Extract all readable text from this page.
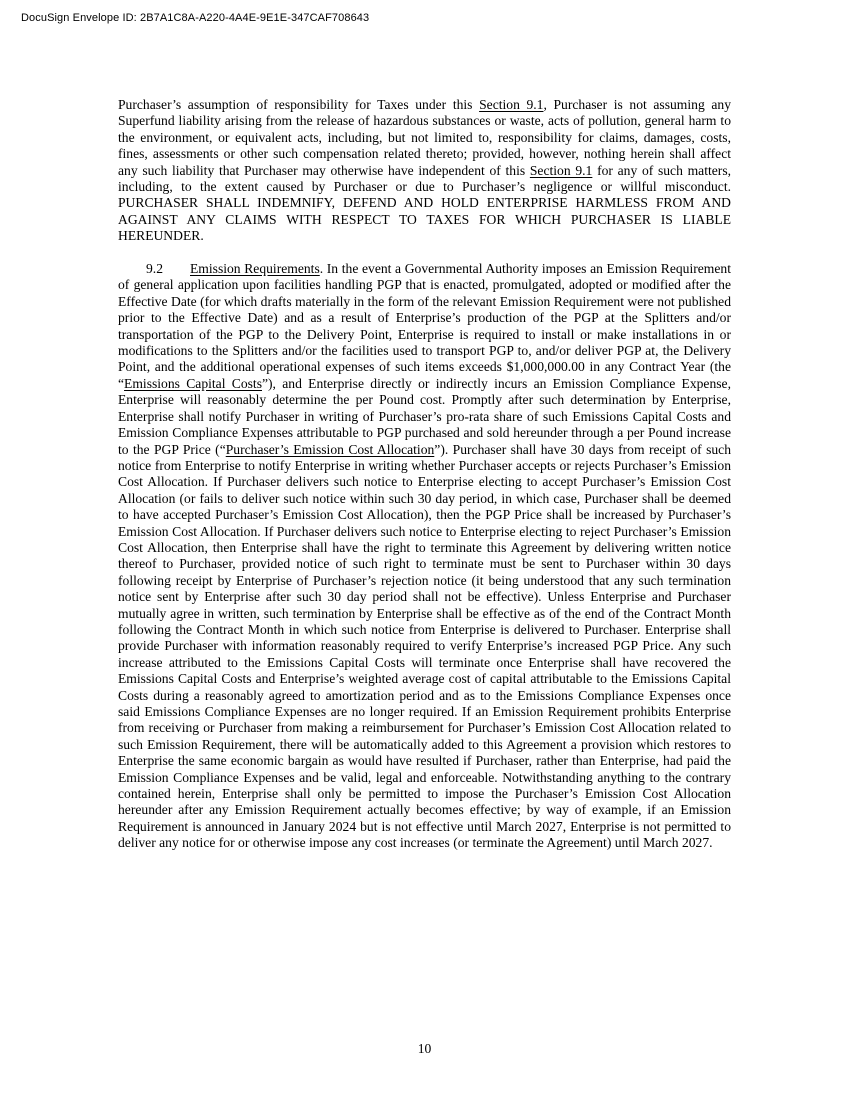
DocuSign Envelope ID: 2B7A1C8A-A220-4A4E-9E1E-347CAF708643

Purchaser’s assumption of responsibility for Taxes under this Section 9.1, Purchaser is not assuming any Superfund liability arising from the release of hazardous substances or waste, acts of pollution, general harm to the environment, or equivalent acts, including, but not limited to, responsibility for claims, damages, costs, fines, assessments or other such compensation related thereto; provided, however, nothing herein shall affect any such liability that Purchaser may otherwise have independent of this Section 9.1 for any of such matters, including, to the extent caused by Purchaser or due to Purchaser’s negligence or willful misconduct. PURCHASER SHALL INDEMNIFY, DEFEND AND HOLD ENTERPRISE HARMLESS FROM AND AGAINST ANY CLAIMS WITH RESPECT TO TAXES FOR WHICH PURCHASER IS LIABLE HEREUNDER.

9.2 Emission Requirements. In the event a Governmental Authority imposes an Emission Requirement of general application upon facilities handling PGP that is enacted, promulgated, adopted or modified after the Effective Date (for which drafts materially in the form of the relevant Emission Requirement were not published prior to the Effective Date) and as a result of Enterprise’s production of the PGP at the Splitters and/or transportation of the PGP to the Delivery Point, Enterprise is required to install or make installations in or modifications to the Splitters and/or the facilities used to transport PGP to, and/or deliver PGP at, the Delivery Point, and the additional operational expenses of such items exceeds $1,000,000.00 in any Contract Year (the “Emissions Capital Costs”), and Enterprise directly or indirectly incurs an Emission Compliance Expense, Enterprise will reasonably determine the per Pound cost. Promptly after such determination by Enterprise, Enterprise shall notify Purchaser in writing of Purchaser’s pro-rata share of such Emissions Capital Costs and Emission Compliance Expenses attributable to PGP purchased and sold hereunder through a per Pound increase to the PGP Price (“Purchaser’s Emission Cost Allocation”). Purchaser shall have 30 days from receipt of such notice from Enterprise to notify Enterprise in writing whether Purchaser accepts or rejects Purchaser’s Emission Cost Allocation. If Purchaser delivers such notice to Enterprise electing to accept Purchaser’s Emission Cost Allocation (or fails to deliver such notice within such 30 day period, in which case, Purchaser shall be deemed to have accepted Purchaser’s Emission Cost Allocation), then the PGP Price shall be increased by Purchaser’s Emission Cost Allocation. If Purchaser delivers such notice to Enterprise electing to reject Purchaser’s Emission Cost Allocation, then Enterprise shall have the right to terminate this Agreement by delivering written notice thereof to Purchaser, provided notice of such right to terminate must be sent to Purchaser within 30 days following receipt by Enterprise of Purchaser’s rejection notice (it being understood that any such termination notice sent by Enterprise after such 30 day period shall not be effective). Unless Enterprise and Purchaser mutually agree in written, such termination by Enterprise shall be effective as of the end of the Contract Month following the Contract Month in which such notice from Enterprise is delivered to Purchaser. Enterprise shall provide Purchaser with information reasonably required to verify Enterprise’s increased PGP Price. Any such increase attributed to the Emissions Capital Costs will terminate once Enterprise shall have recovered the Emissions Capital Costs and Enterprise’s weighted average cost of capital attributable to the Emissions Capital Costs during a reasonably agreed to amortization period and as to the Emissions Compliance Expenses once said Emissions Compliance Expenses are no longer required. If an Emission Requirement prohibits Enterprise from receiving or Purchaser from making a reimbursement for Purchaser’s Emission Cost Allocation related to such Emission Requirement, there will be automatically added to this Agreement a provision which restores to Enterprise the same economic bargain as would have resulted if Purchaser, rather than Enterprise, had paid the Emission Compliance Expenses and be valid, legal and enforceable. Notwithstanding anything to the contrary contained herein, Enterprise shall only be permitted to impose the Purchaser’s Emission Cost Allocation hereunder after any Emission Requirement actually becomes effective; by way of example, if an Emission Requirement is announced in January 2024 but is not effective until March 2027, Enterprise is not permitted to deliver any notice for or otherwise impose any cost increases (or terminate the Agreement) until March 2027.

10
